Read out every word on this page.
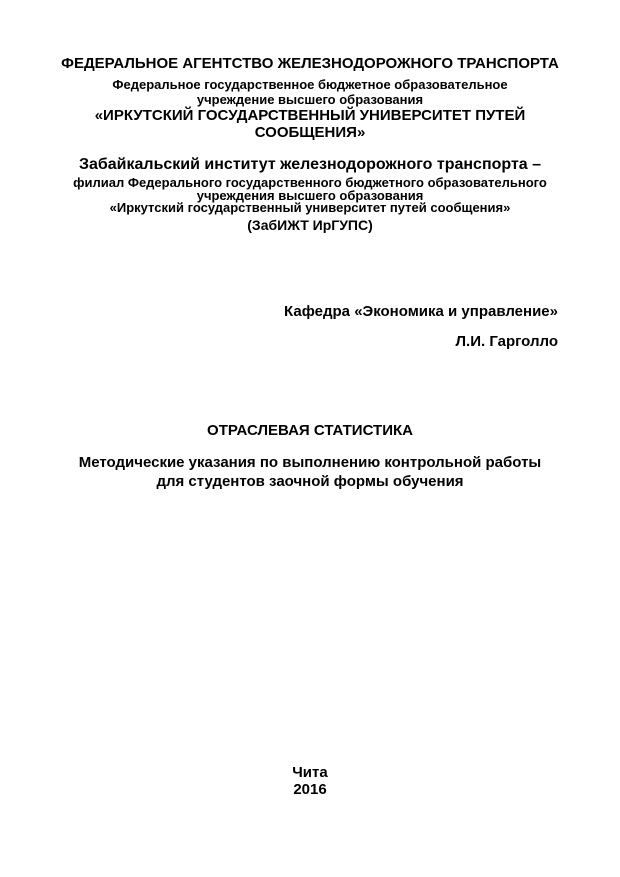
ФЕДЕРАЛЬНОЕ АГЕНТСТВО ЖЕЛЕЗНОДОРОЖНОГО ТРАНСПОРТА
Федеральное государственное бюджетное образовательное
учреждение высшего образования
«ИРКУТСКИЙ ГОСУДАРСТВЕННЫЙ УНИВЕРСИТЕТ ПУТЕЙ
СООБЩЕНИЯ»
Забайкальский институт железнодорожного транспорта –
филиал Федерального государственного бюджетного образовательного
учреждения высшего образования
«Иркутский государственный университет путей сообщения»
(ЗабИЖТ ИрГУПС)
Кафедра «Экономика и управление»
Л.И. Гарголло
ОТРАСЛЕВАЯ СТАТИСТИКА
Методические указания по выполнению контрольной работы
для студентов заочной формы обучения
Чита
2016
